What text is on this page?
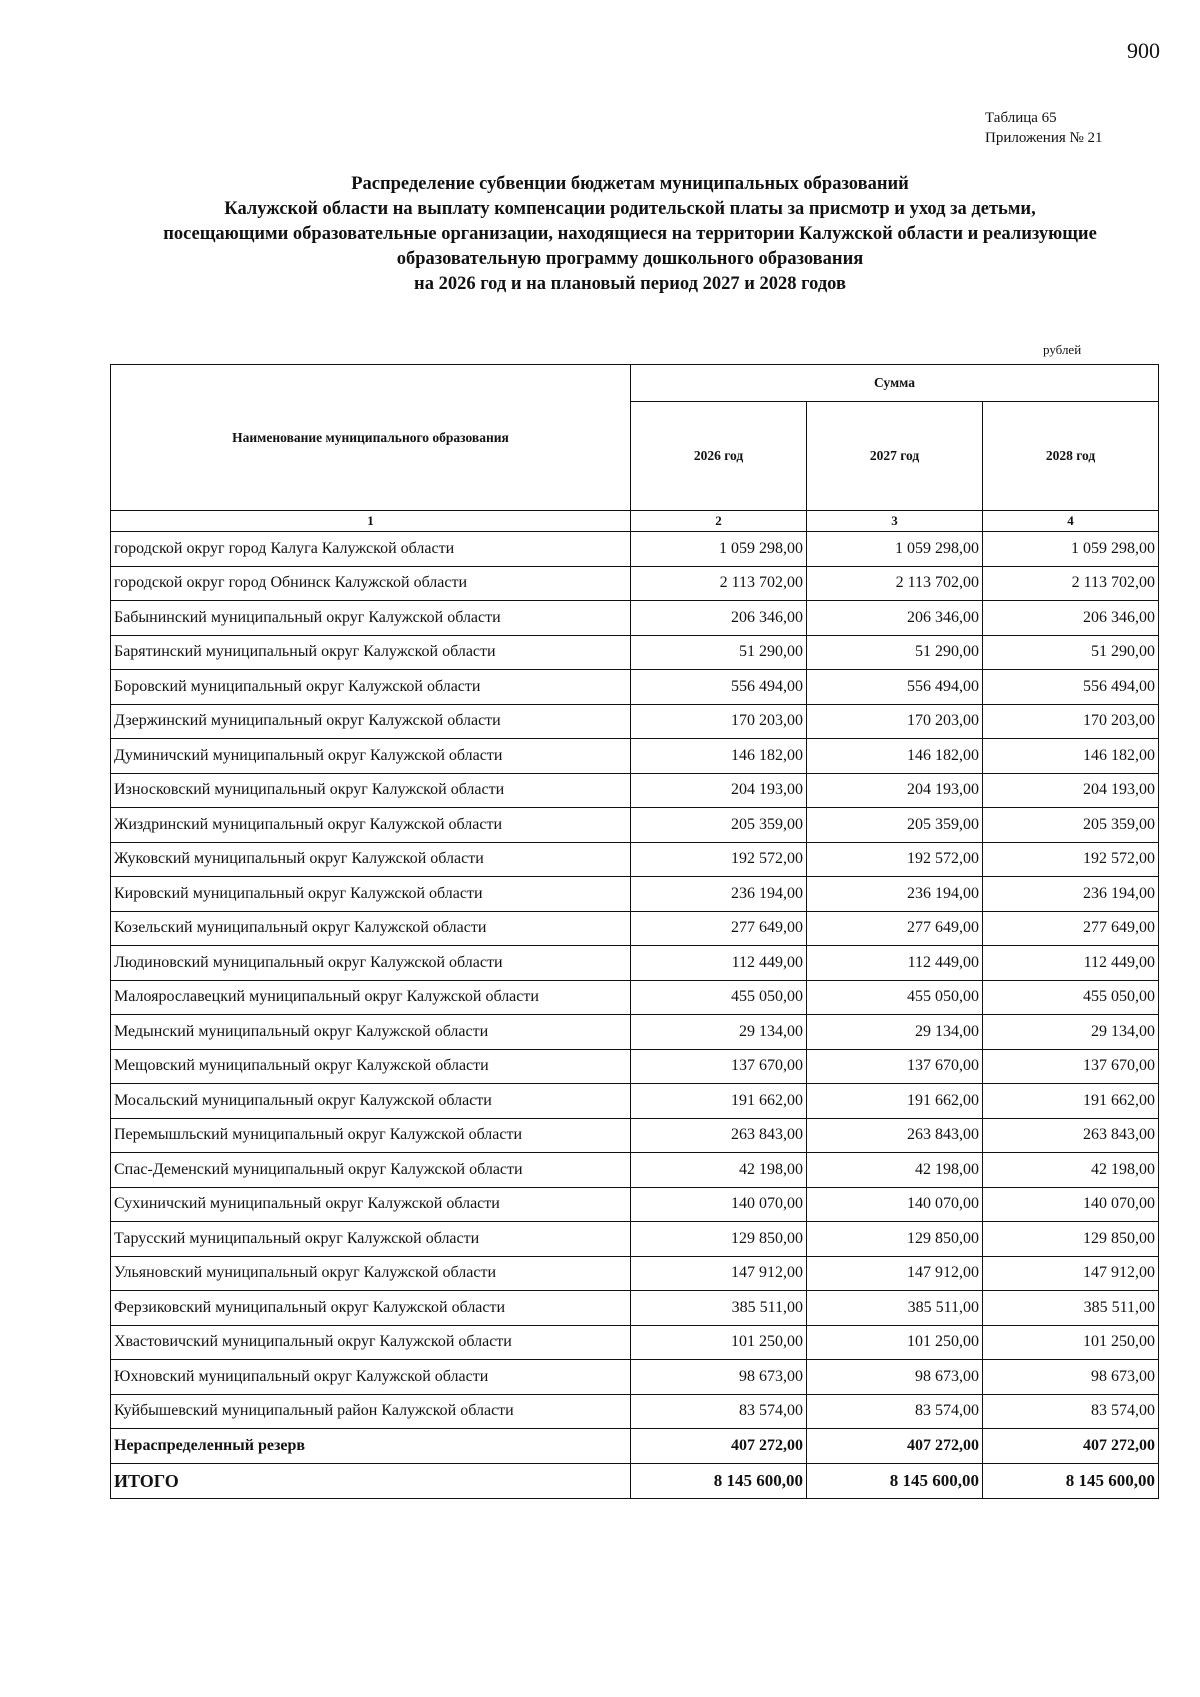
900
Таблица 65
Приложения № 21
Распределение субвенции бюджетам муниципальных образований
Калужской области на выплату компенсации родительской платы за присмотр и уход за детьми,
посещающими образовательные организации, находящиеся на территории Калужской области и реализующие
образовательную программу дошкольного образования
на 2026 год и на плановый период 2027 и 2028 годов
рублей
Наименование муниципального образования	Сумма		
	2026 год	2027 год	2028 год
1	2	3	4
городской округ город Калуга Калужской области	1 059 298,00	1 059 298,00	1 059 298,00
городской округ город Обнинск Калужской области	2 113 702,00	2 113 702,00	2 113 702,00
Бабынинский муниципальный округ Калужской области	206 346,00	206 346,00	206 346,00
Барятинский муниципальный округ Калужской области	51 290,00	51 290,00	51 290,00
Боровский муниципальный округ Калужской области	556 494,00	556 494,00	556 494,00
Дзержинский муниципальный округ Калужской области	170 203,00	170 203,00	170 203,00
Думиничский муниципальный округ Калужской области	146 182,00	146 182,00	146 182,00
Износковский муниципальный округ Калужской области	204 193,00	204 193,00	204 193,00
Жиздринский муниципальный округ Калужской области	205 359,00	205 359,00	205 359,00
Жуковский муниципальный округ Калужской области	192 572,00	192 572,00	192 572,00
Кировский муниципальный округ Калужской области	236 194,00	236 194,00	236 194,00
Козельский муниципальный округ Калужской области	277 649,00	277 649,00	277 649,00
Людиновский муниципальный округ Калужской области	112 449,00	112 449,00	112 449,00
Малоярославецкий муниципальный округ Калужской области	455 050,00	455 050,00	455 050,00
Медынский муниципальный округ Калужской области	29 134,00	29 134,00	29 134,00
Мещовский муниципальный округ Калужской области	137 670,00	137 670,00	137 670,00
Мосальский муниципальный округ Калужской области	191 662,00	191 662,00	191 662,00
Перемышльский муниципальный округ Калужской области	263 843,00	263 843,00	263 843,00
Спас-Деменский муниципальный округ Калужской области	42 198,00	42 198,00	42 198,00
Сухиничский муниципальный округ Калужской области	140 070,00	140 070,00	140 070,00
Тарусский муниципальный округ Калужской области	129 850,00	129 850,00	129 850,00
Ульяновский муниципальный округ Калужской области	147 912,00	147 912,00	147 912,00
Ферзиковский муниципальный округ Калужской области	385 511,00	385 511,00	385 511,00
Хвастовичский муниципальный округ Калужской области	101 250,00	101 250,00	101 250,00
Юхновский муниципальный округ Калужской области	98 673,00	98 673,00	98 673,00
Куйбышевский муниципальный район Калужской области	83 574,00	83 574,00	83 574,00
Нераспределенный резерв	407 272,00	407 272,00	407 272,00
ИТОГО	8 145 600,00	8 145 600,00	8 145 600,00
